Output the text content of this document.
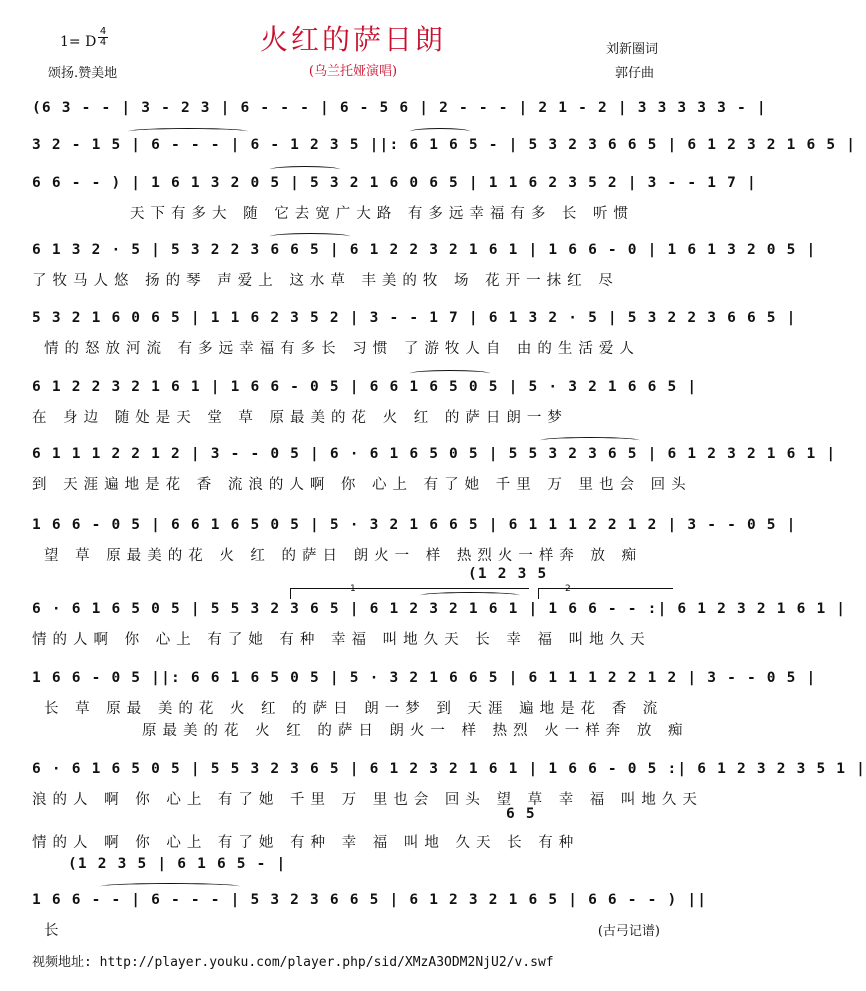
火红的萨日朗
(乌兰托娅演唱)
1= D
4
4
颂扬.赞美地
刘新圈词
郭仔曲
(6 3 - - | 3 - 2 3 | 6 - - - | 6 - 5 6 | 2 - - - | 2 1 - 2 | 3 3 3 3 3 - |
3 2 - 1 5 | 6 - - - | 6 - 1 2 3 5 ||: 6 1 6 5 - | 5 3 2 3 6 6 5 | 6 1 2 3 2 1 6 5 |
6 6 - - ) | 1 6 1 3 2 0 5 | 5 3 2 1 6 0 6 5 | 1 1 6 2 3 5 2 | 3 - - 1 7 |
天下有多大 随 它去宽广大路 有多远幸福有多 长 听惯
6 1 3 2 · 5 | 5 3 2 2 3 6 6 5 | 6 1 2 2 3 2 1 6 1 | 1 6 6 - 0 | 1 6 1 3 2 0 5 |
了牧马人悠 扬的琴 声爱上 这水草 丰美的牧 场 花开一抹红 尽
5 3 2 1 6 0 6 5 | 1 1 6 2 3 5 2 | 3 - - 1 7 | 6 1 3 2 · 5 | 5 3 2 2 3 6 6 5 |
情的怒放河流 有多远幸福有多长 习惯 了游牧人自 由的生活爱人
6 1 2 2 3 2 1 6 1 | 1 6 6 - 0 5 | 6 6 1 6 5 0 5 | 5 · 3 2 1 6 6 5 |
在 身边 随处是天 堂 草 原最美的花 火 红 的萨日朗一梦
6 1 1 1 2 2 1 2 | 3 - - 0 5 | 6 · 6 1 6 5 0 5 | 5 5 3 2 3 6 5 | 6 1 2 3 2 1 6 1 |
到 天涯遍地是花 香 流浪的人啊 你 心上 有了她 千里 万 里也会 回头
1 6 6 - 0 5 | 6 6 1 6 5 0 5 | 5 · 3 2 1 6 6 5 | 6 1 1 1 2 2 1 2 | 3 - - 0 5 |
望 草 原最美的花 火 红 的萨日 朗火一 样 热烈火一样奔 放 痴
(1 2 3 5
1	2
6 · 6 1 6 5 0 5 | 5 5 3 2 3 6 5 | 6 1 2 3 2 1 6 1 | 1 6 6 - - :| 6 1 2 3 2 1 6 1 |
情的人啊 你 心上 有了她 有种 幸福 叫地久天 长 幸 福 叫地久天
1 6 6 - 0 5 ||: 6 6 1 6 5 0 5 | 5 · 3 2 1 6 6 5 | 6 1 1 1 2 2 1 2 | 3 - - 0 5 |
长 草 原最 美的花 火 红 的萨日 朗一梦 到 天涯 遍地是花 香 流
原最美的花 火 红 的萨日 朗火一 样 热烈 火一样奔 放 痴
6 · 6 1 6 5 0 5 | 5 5 3 2 3 6 5 | 6 1 2 3 2 1 6 1 | 1 6 6 - 0 5 :| 6 1 2 3 2 3 5 1 |
浪的人 啊 你 心上 有了她 千里 万 里也会 回头 望 草 幸 福 叫地久天
6 5
情的人 啊 你 心上 有了她 有种 幸 福 叫地 久天 长 有种
(1 2 3 5 | 6 1 6 5 - |
1 6 6 - - | 6 - - - | 5 3 2 3 6 6 5 | 6 1 2 3 2 1 6 5 | 6 6 - - ) ||
长	(古弓记谱)
视频地址: http://player.youku.com/player.php/sid/XMzA3ODM2NjU2/v.swf
